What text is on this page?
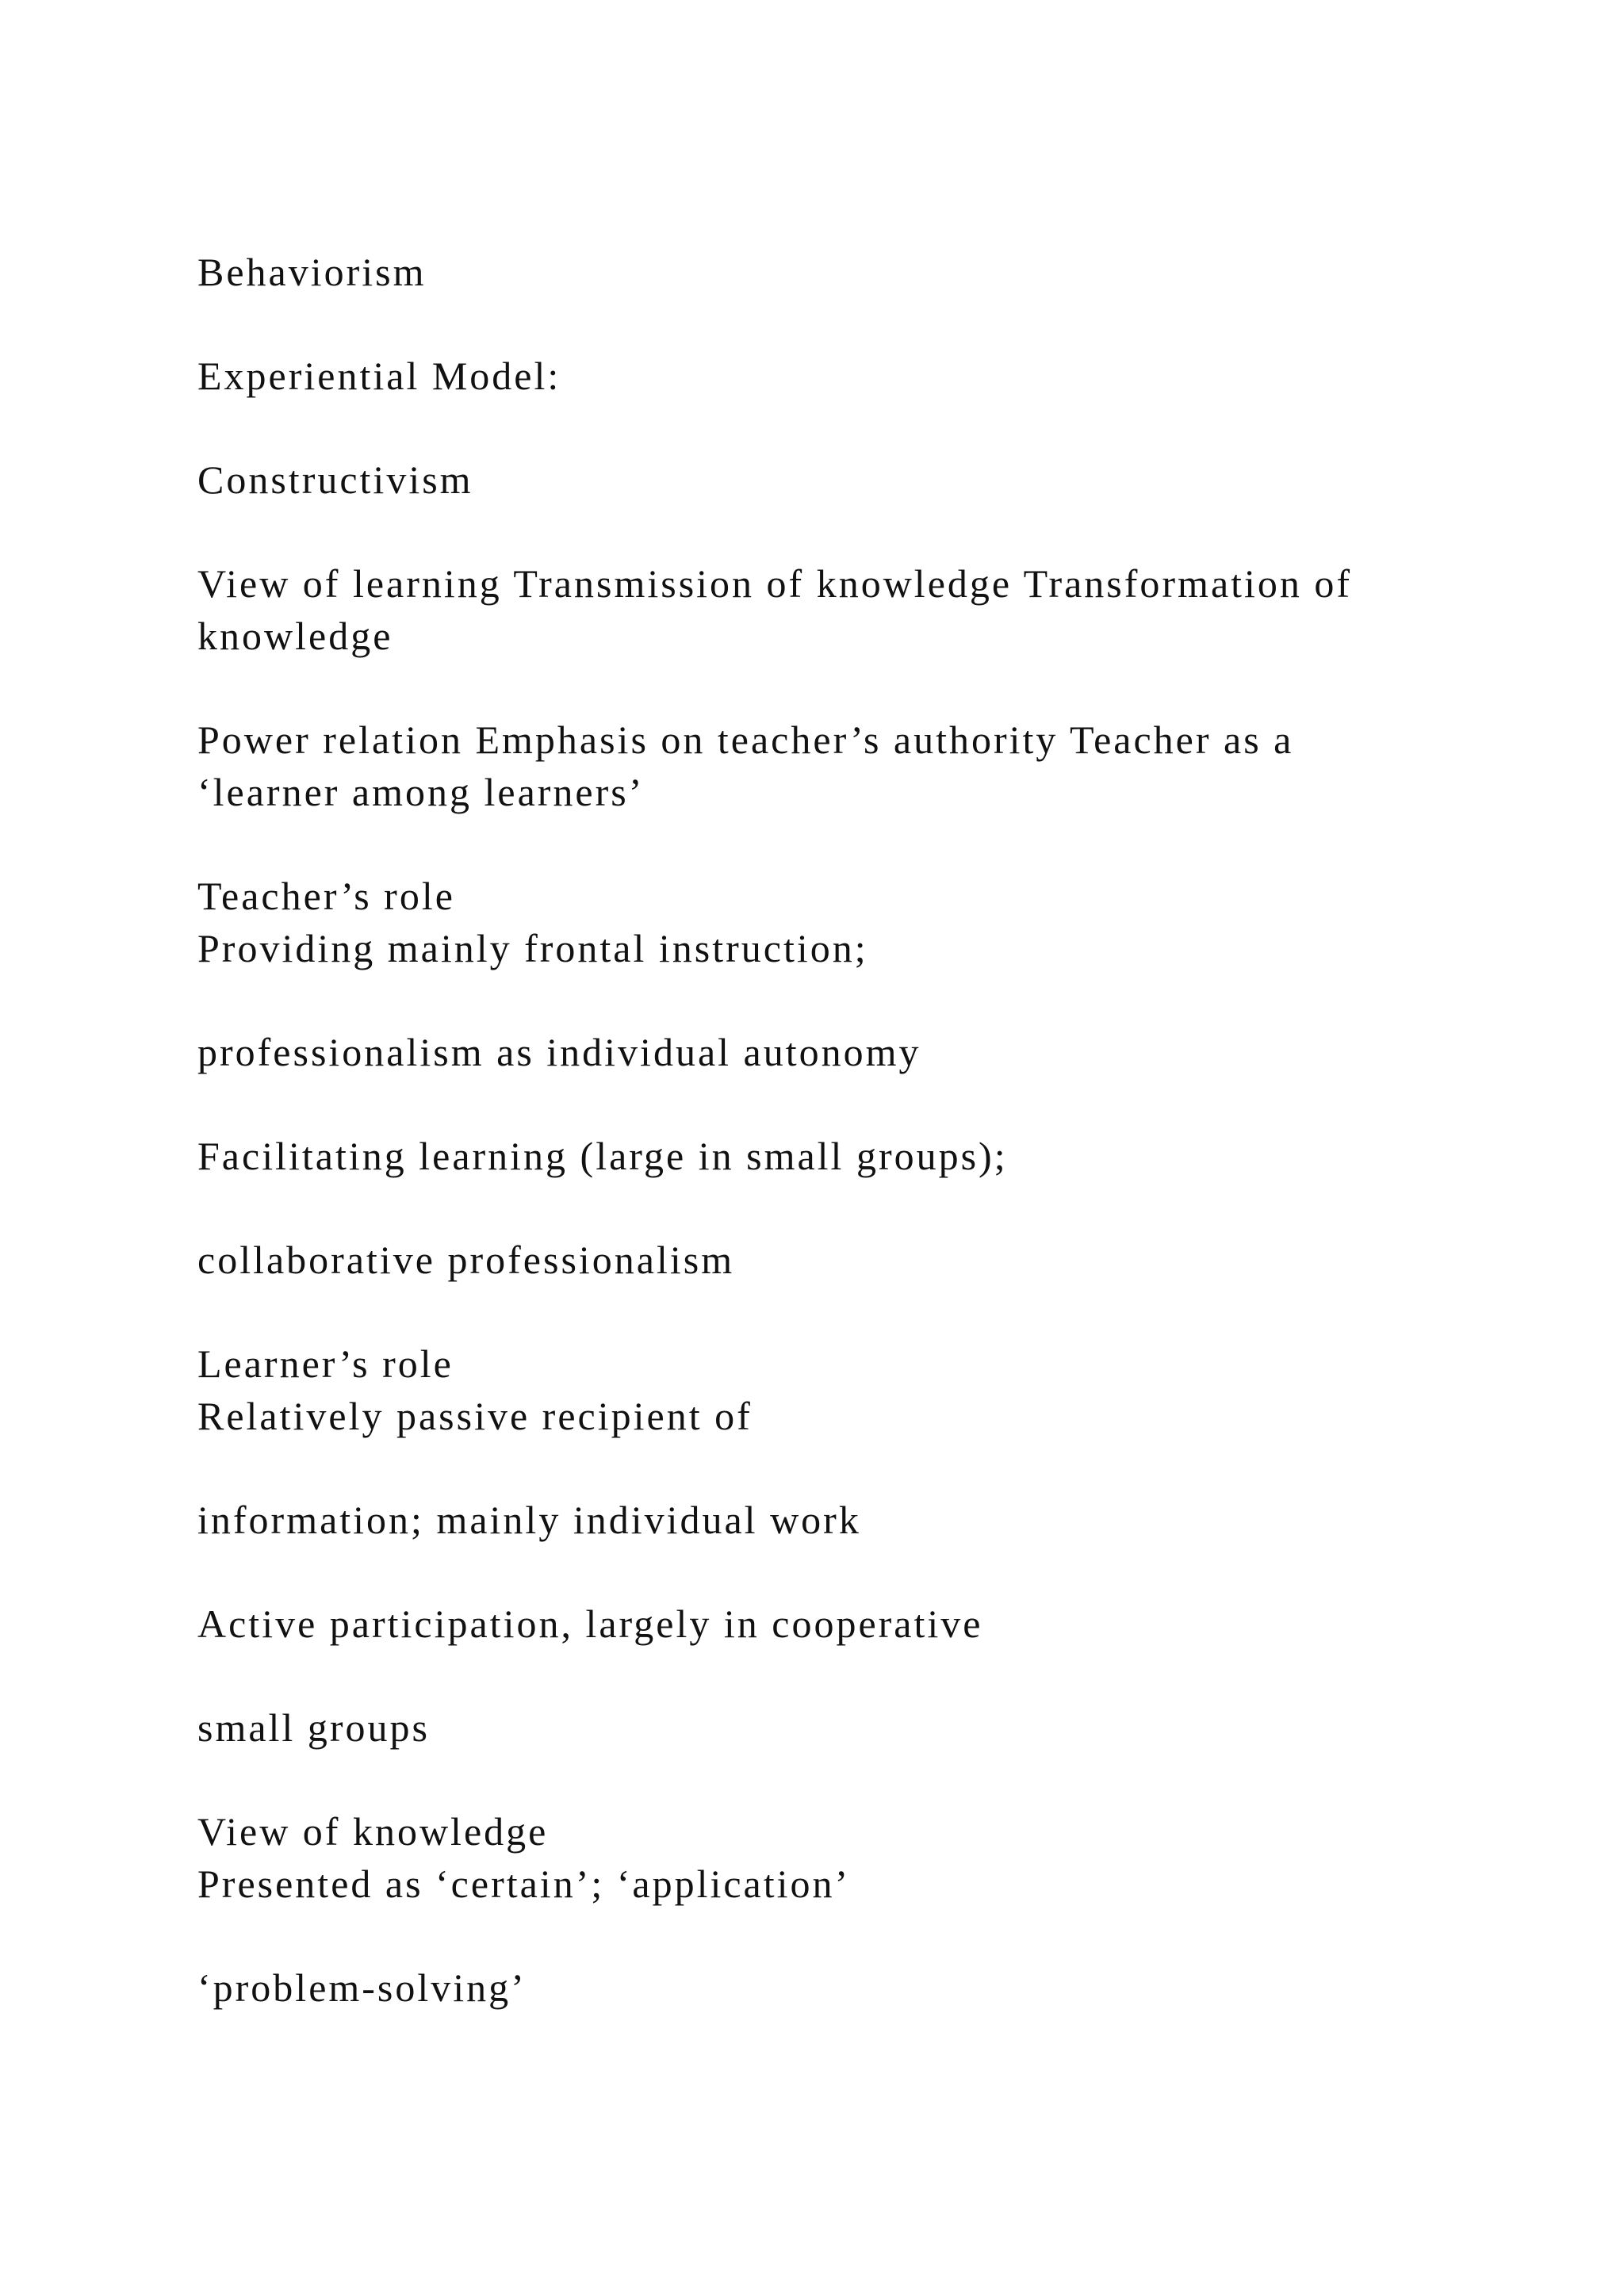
Behaviorism

Experiential Model:

Constructivism

View of learning Transmission of knowledge Transformation of
knowledge

Power relation Emphasis on teacher’s authority Teacher as a
‘learner among learners’

Teacher’s role
Providing mainly frontal instruction;

professionalism as individual autonomy

Facilitating learning (large in small groups);

collaborative professionalism

Learner’s role
Relatively passive recipient of

information; mainly individual work

Active participation, largely in cooperative

small groups

View of knowledge
Presented as ‘certain’; ‘application’

‘problem-solving’
